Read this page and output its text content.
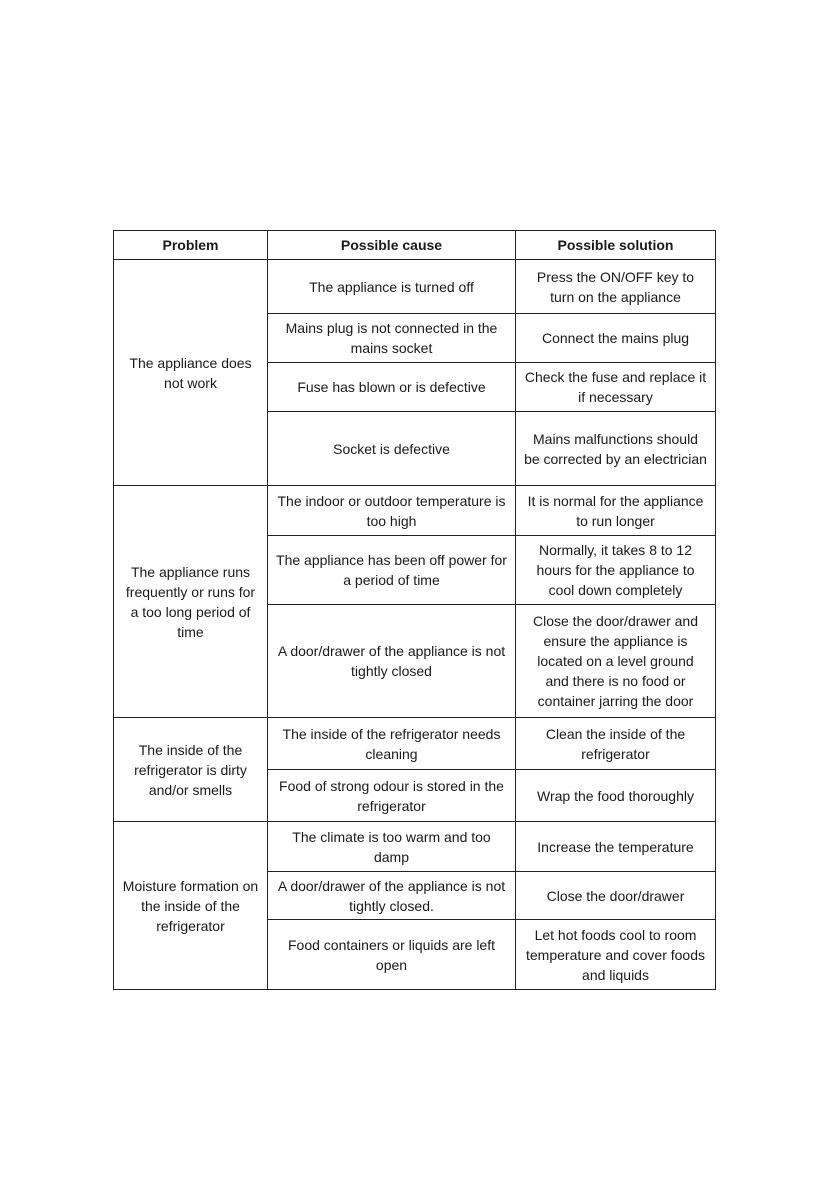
Problem	Possible cause	Possible solution
The appliance does not work	The appliance is turned off	Press the ON/OFF key to turn on the appliance
	Mains plug is not connected in the mains socket	Connect the mains plug
	Fuse has blown or is defective	Check the fuse and replace it if necessary
	Socket is defective	Mains malfunctions should be corrected by an electrician
The appliance runs frequently or runs for a too long period of time	The indoor or outdoor temperature is too high	It is normal for the appliance to run longer
	The appliance has been off power for a period of time	Normally, it takes 8 to 12 hours for the appliance to cool down completely
	A door/drawer of the appliance is not tightly closed	Close the door/drawer and ensure the appliance is located on a level ground and there is no food or container jarring the door
The inside of the refrigerator is dirty and/or smells	The inside of the refrigerator needs cleaning	Clean the inside of the refrigerator
	Food of strong odour is stored in the refrigerator	Wrap the food thoroughly
Moisture formation on the inside of the refrigerator	The climate is too warm and too damp	Increase the temperature
	A door/drawer of the appliance is not tightly closed.	Close the door/drawer
	Food containers or liquids are left open	Let hot foods cool to room temperature and cover foods and liquids
